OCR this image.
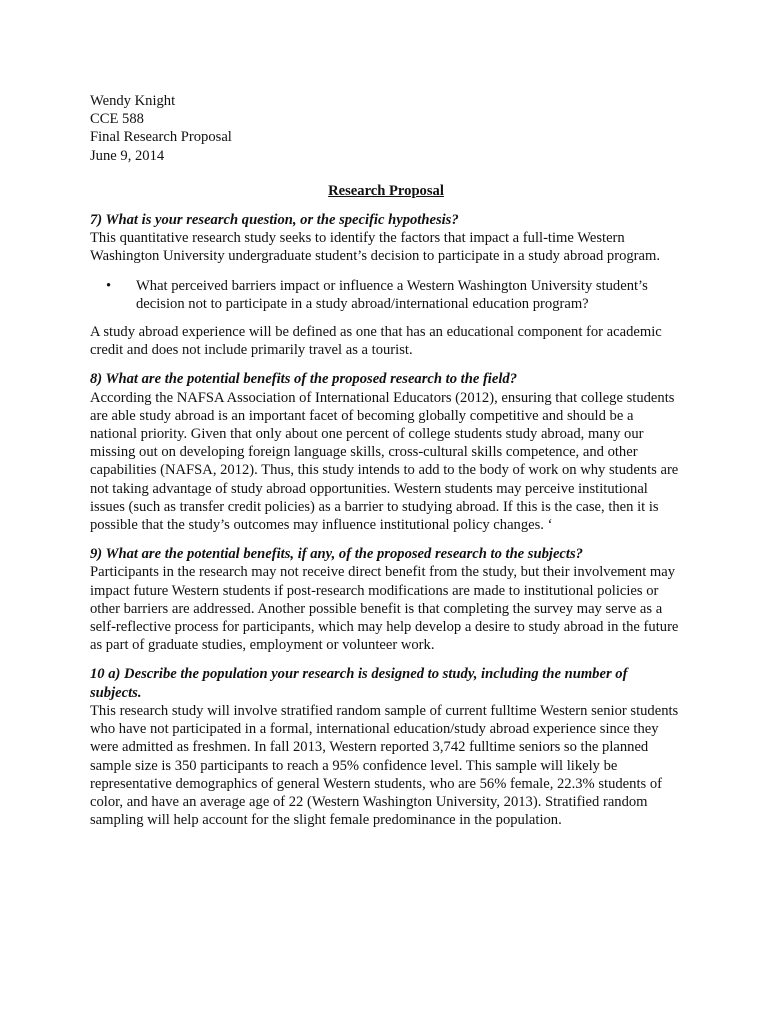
Wendy Knight
CCE 588
Final Research Proposal
June 9, 2014
Research Proposal

7) What is your research question, or the specific hypothesis?

This quantitative research study seeks to identify the factors that impact a full-time Western Washington University undergraduate student’s decision to participate in a study abroad program.

• What perceived barriers impact or influence a Western Washington University student’s decision not to participate in a study abroad/international education program?

A study abroad experience will be defined as one that has an educational component for academic credit and does not include primarily travel as a tourist.

8) What are the potential benefits of the proposed research to the field?

According the NAFSA Association of International Educators (2012), ensuring that college students are able study abroad is an important facet of becoming globally competitive and should be a national priority. Given that only about one percent of college students study abroad, many our missing out on developing foreign language skills, cross-cultural skills competence, and other capabilities (NAFSA, 2012). Thus, this study intends to add to the body of work on why students are not taking advantage of study abroad opportunities. Western students may perceive institutional issues (such as transfer credit policies) as a barrier to studying abroad. If this is the case, then it is possible that the study’s outcomes may influence institutional policy changes. ‘

9) What are the potential benefits, if any, of the proposed research to the subjects?

Participants in the research may not receive direct benefit from the study, but their involvement may impact future Western students if post-research modifications are made to institutional policies or other barriers are addressed. Another possible benefit is that completing the survey may serve as a self-reflective process for participants, which may help develop a desire to study abroad in the future as part of graduate studies, employment or volunteer work.

10 a) Describe the population your research is designed to study, including the number of subjects.

This research study will involve stratified random sample of current fulltime Western senior students who have not participated in a formal, international education/study abroad experience since they were admitted as freshmen. In fall 2013, Western reported 3,742 fulltime seniors so the planned sample size is 350 participants to reach a 95% confidence level. This sample will likely be representative demographics of general Western students, who are 56% female, 22.3% students of color, and have an average age of 22 (Western Washington University, 2013). Stratified random sampling will help account for the slight female predominance in the population.
